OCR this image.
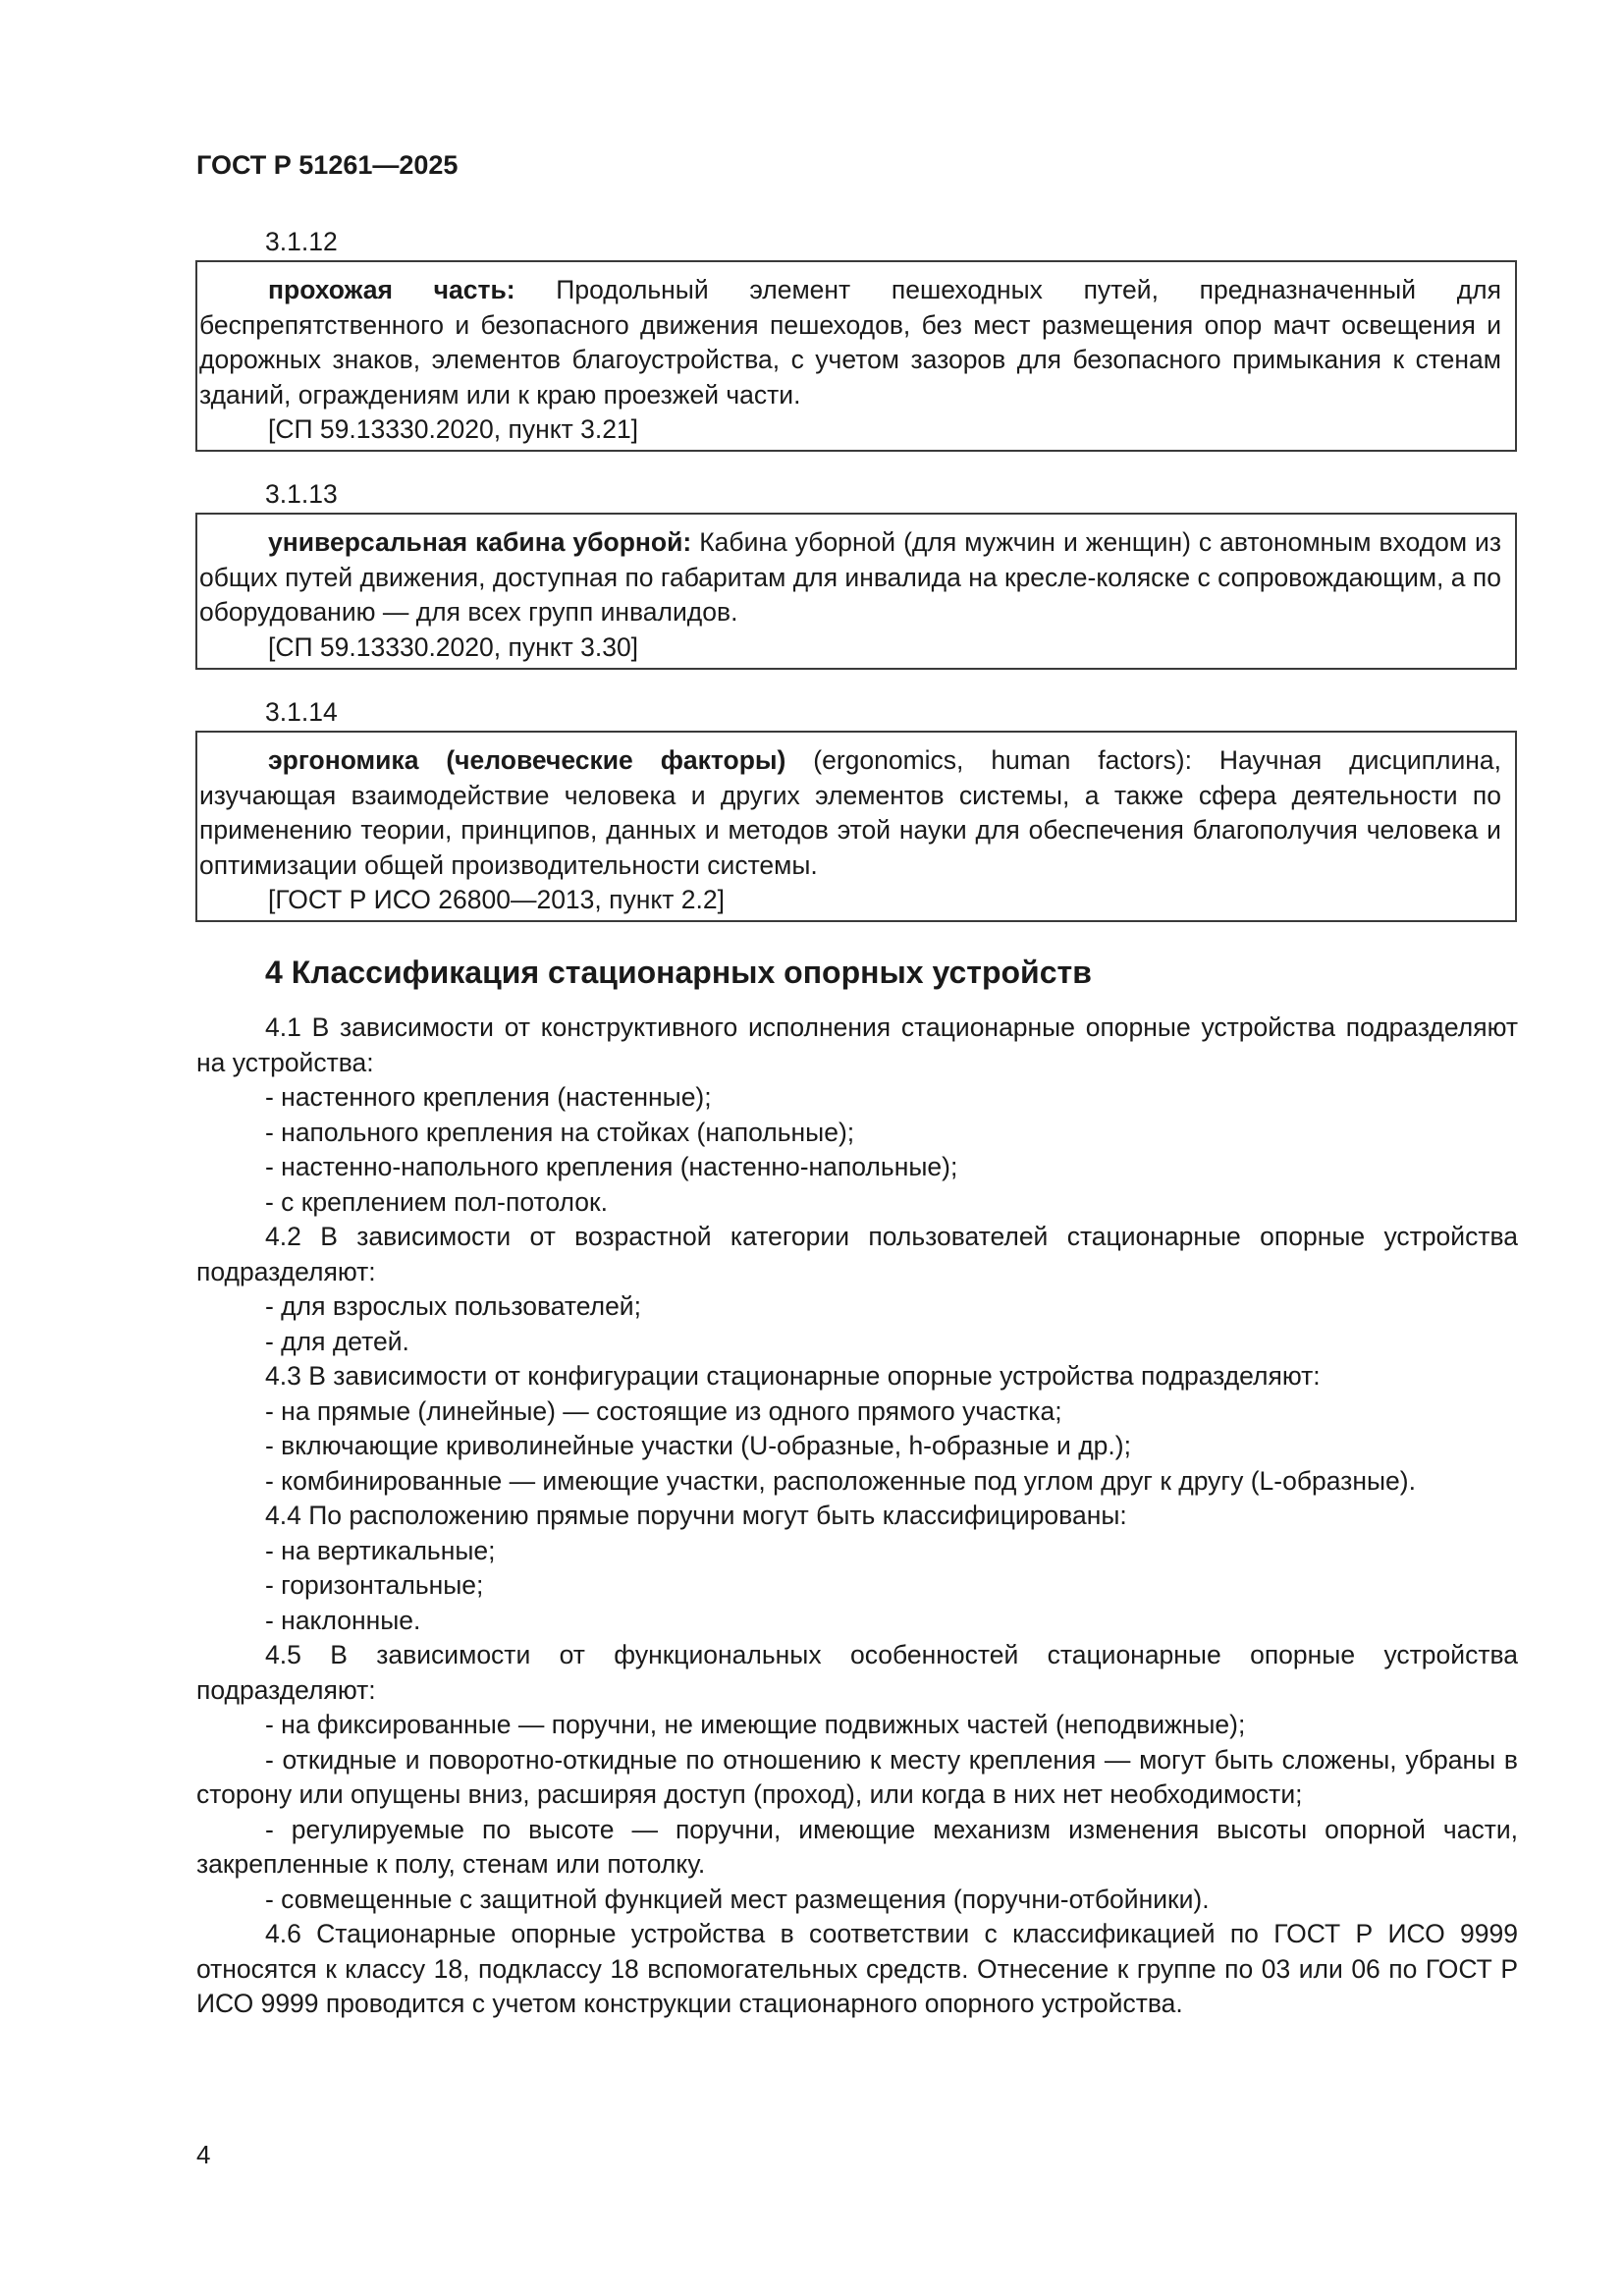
ГОСТ Р 51261—2025
3.1.12

прохожая часть: Продольный элемент пешеходных путей, предназначенный для беспрепятственного и безопасного движения пешеходов, без мест размещения опор мачт освещения и дорожных знаков, элементов благоустройства, с учетом зазоров для безопасного примыкания к стенам зданий, ограждениям или к краю проезжей части.

[СП 59.13330.2020, пункт 3.21]

3.1.13

универсальная кабина уборной: Кабина уборной (для мужчин и женщин) с автономным входом из общих путей движения, доступная по габаритам для инвалида на кресле-коляске с сопровождающим, а по оборудованию — для всех групп инвалидов.

[СП 59.13330.2020, пункт 3.30]

3.1.14

эргономика (человеческие факторы) (ergonomics, human factors): Научная дисциплина, изучающая взаимодействие человека и других элементов системы, а также сфера деятельности по применению теории, принципов, данных и методов этой науки для обеспечения благополучия человека и оптимизации общей производительности системы.

[ГОСТ Р ИСО 26800—2013, пункт 2.2]

4 Классификация стационарных опорных устройств

4.1 В зависимости от конструктивного исполнения стационарные опорные устройства подразделяют на устройства:

- настенного крепления (настенные);

- напольного крепления на стойках (напольные);

- настенно-напольного крепления (настенно-напольные);

- с креплением пол-потолок.

4.2 В зависимости от возрастной категории пользователей стационарные опорные устройства подразделяют:

- для взрослых пользователей;

- для детей.

4.3 В зависимости от конфигурации стационарные опорные устройства подразделяют:

- на прямые (линейные) — состоящие из одного прямого участка;

- включающие криволинейные участки (U-образные, h-образные и др.);

- комбинированные — имеющие участки, расположенные под углом друг к другу (L-образные).

4.4 По расположению прямые поручни могут быть классифицированы:

- на вертикальные;

- горизонтальные;

- наклонные.

4.5 В зависимости от функциональных особенностей стационарные опорные устройства подразделяют:

- на фиксированные — поручни, не имеющие подвижных частей (неподвижные);

- откидные и поворотно-откидные по отношению к месту крепления — могут быть сложены, убраны в сторону или опущены вниз, расширяя доступ (проход), или когда в них нет необходимости;

- регулируемые по высоте — поручни, имеющие механизм изменения высоты опорной части, закрепленные к полу, стенам или потолку.

- совмещенные с защитной функцией мест размещения (поручни-отбойники).

4.6 Стационарные опорные устройства в соответствии с классификацией по ГОСТ Р ИСО 9999 относятся к классу 18, подклассу 18 вспомогательных средств. Отнесение к группе по 03 или 06 по ГОСТ Р ИСО 9999 проводится с учетом конструкции стационарного опорного устройства.

4
